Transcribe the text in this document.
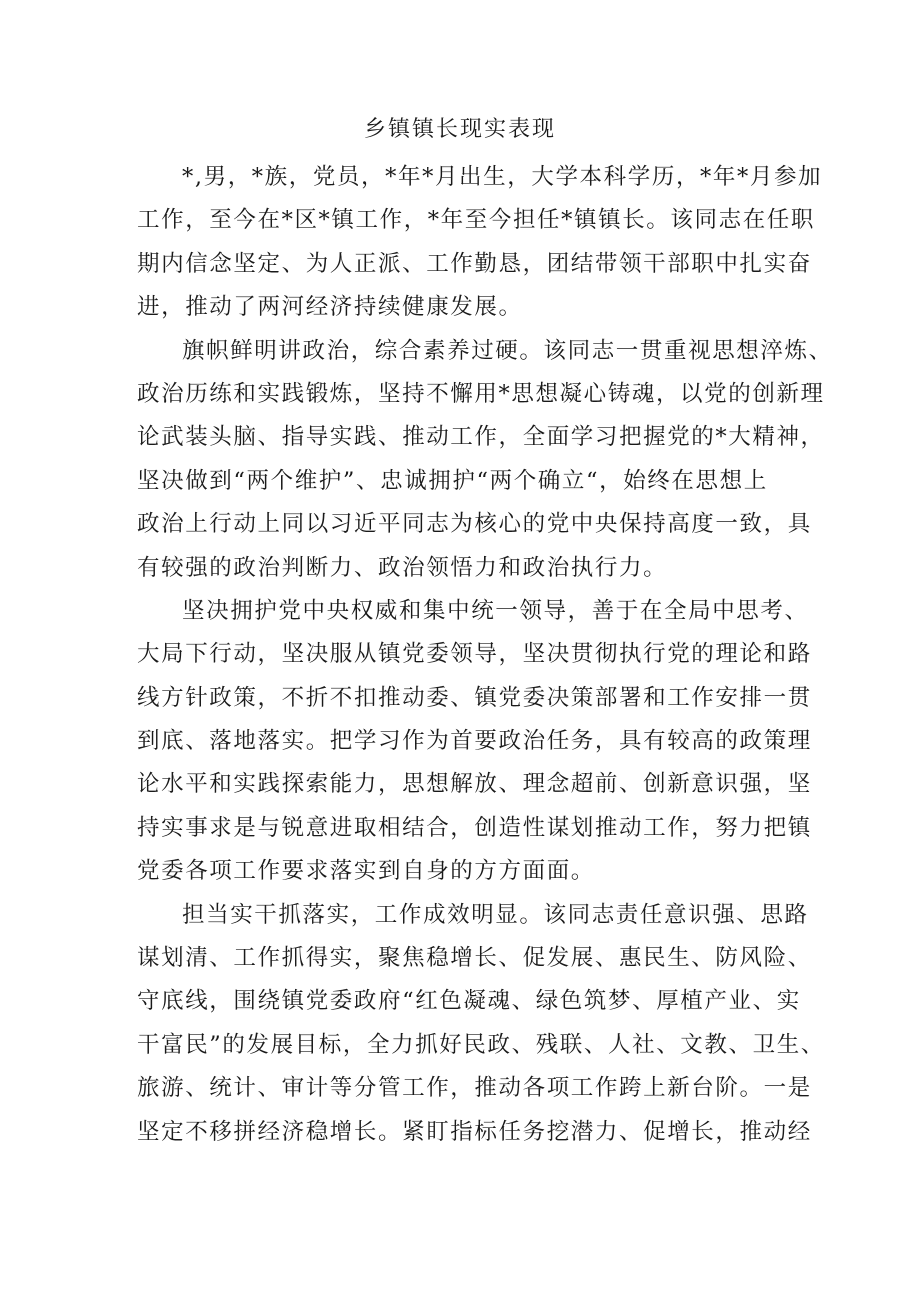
乡镇镇长现实表现
*,男，*族，党员，*年*月出生，大学本科学历，*年*月参加
工作，至今在*区*镇工作，*年至今担任*镇镇长。该同志在任职
期内信念坚定、为人正派、工作勤恳，团结带领干部职中扎实奋
进，推动了两河经济持续健康发展。
旗帜鲜明讲政治，综合素养过硬。该同志一贯重视思想淬炼、
政治历练和实践锻炼，坚持不懈用*思想凝心铸魂，以党的创新理
论武装头脑、指导实践、推动工作，全面学习把握党的*大精神，
坚决做到“两个维护”、忠诚拥护“两个确立“，始终在思想上
政治上行动上同以习近平同志为核心的党中央保持高度一致，具
有较强的政治判断力、政治领悟力和政治执行力。
坚决拥护党中央权威和集中统一领导，善于在全局中思考、
大局下行动，坚决服从镇党委领导，坚决贯彻执行党的理论和路
线方针政策，不折不扣推动委、镇党委决策部署和工作安排一贯
到底、落地落实。把学习作为首要政治任务，具有较高的政策理
论水平和实践探索能力，思想解放、理念超前、创新意识强，坚
持实事求是与锐意进取相结合，创造性谋划推动工作，努力把镇
党委各项工作要求落实到自身的方方面面。
担当实干抓落实，工作成效明显。该同志责任意识强、思路
谋划清、工作抓得实，聚焦稳增长、促发展、惠民生、防风险、
守底线，围绕镇党委政府“红色凝魂、绿色筑梦、厚植产业、实
干富民”的发展目标，全力抓好民政、残联、人社、文教、卫生、
旅游、统计、审计等分管工作，推动各项工作跨上新台阶。一是
坚定不移拼经济稳增长。紧盯指标任务挖潜力、促增长，推动经
